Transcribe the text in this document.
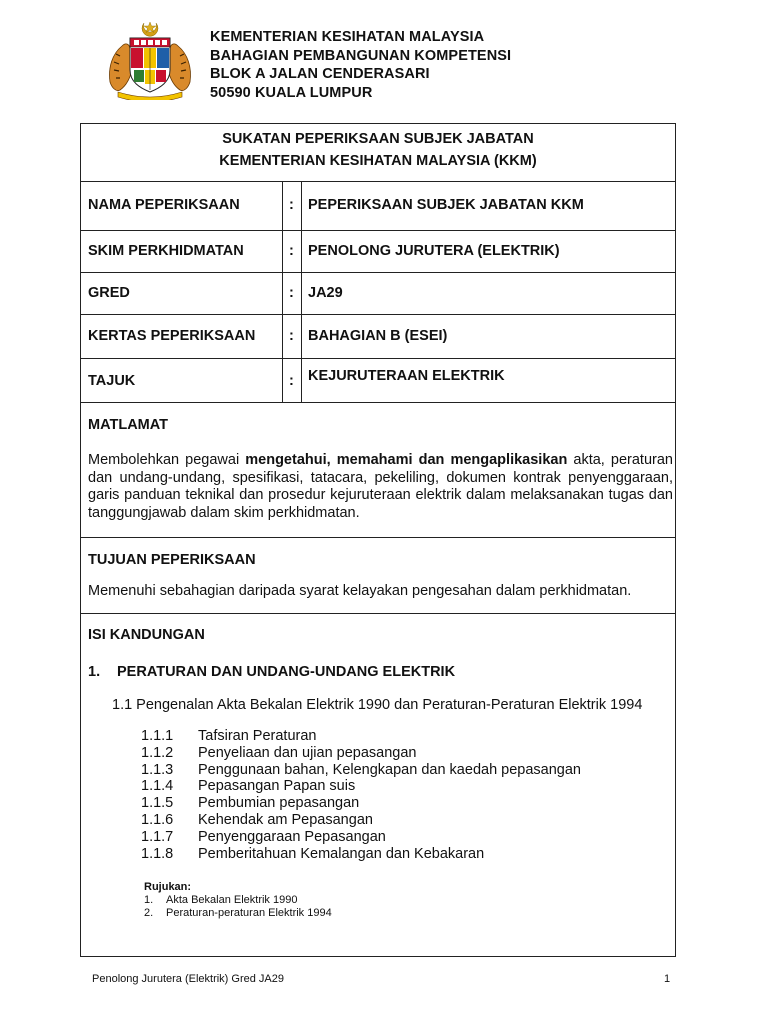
KEMENTERIAN KESIHATAN MALAYSIA
BAHAGIAN PEMBANGUNAN KOMPETENSI
BLOK A JALAN CENDERASARI
50590 KUALA LUMPUR
SUKATAN PEPERIKSAAN SUBJEK JABATAN
KEMENTERIAN KESIHATAN MALAYSIA (KKM)
NAMA PEPERIKSAAN	: PEPERIKSAAN SUBJEK JABATAN KKM
SKIM PERKHIDMATAN	: PENOLONG JURUTERA (ELEKTRIK)
GRED	: JA29
KERTAS PEPERIKSAAN : BAHAGIAN B (ESEI)
TAJUK	: KEJURUTERAAN ELEKTRIK
MATLAMAT
Membolehkan pegawai mengetahui, memahami dan mengaplikasikan akta, peraturan dan undang-undang, spesifikasi, tatacara, pekeliling, dokumen kontrak penyenggaraan, garis panduan teknikal dan prosedur kejuruteraan elektrik dalam melaksanakan tugas dan tanggungjawab dalam skim perkhidmatan.
TUJUAN PEPERIKSAAN
Memenuhi sebahagian daripada syarat kelayakan pengesahan dalam perkhidmatan.
ISI KANDUNGAN
1. PERATURAN DAN UNDANG-UNDANG ELEKTRIK
1.1 Pengenalan Akta Bekalan Elektrik 1990 dan Peraturan-Peraturan Elektrik 1994
1.1.1 Tafsiran Peraturan
1.1.2 Penyeliaan dan ujian pepasangan
1.1.3 Penggunaan bahan, Kelengkapan dan kaedah pepasangan
1.1.4 Pepasangan Papan suis
1.1.5 Pembumian pepasangan
1.1.6 Kehendak am Pepasangan
1.1.7 Penyenggaraan Pepasangan
1.1.8 Pemberitahuan Kemalangan dan Kebakaran
Rujukan:
1. Akta Bekalan Elektrik 1990
2. Peraturan-peraturan Elektrik 1994
Penolong Jurutera (Elektrik) Gred JA29	1
